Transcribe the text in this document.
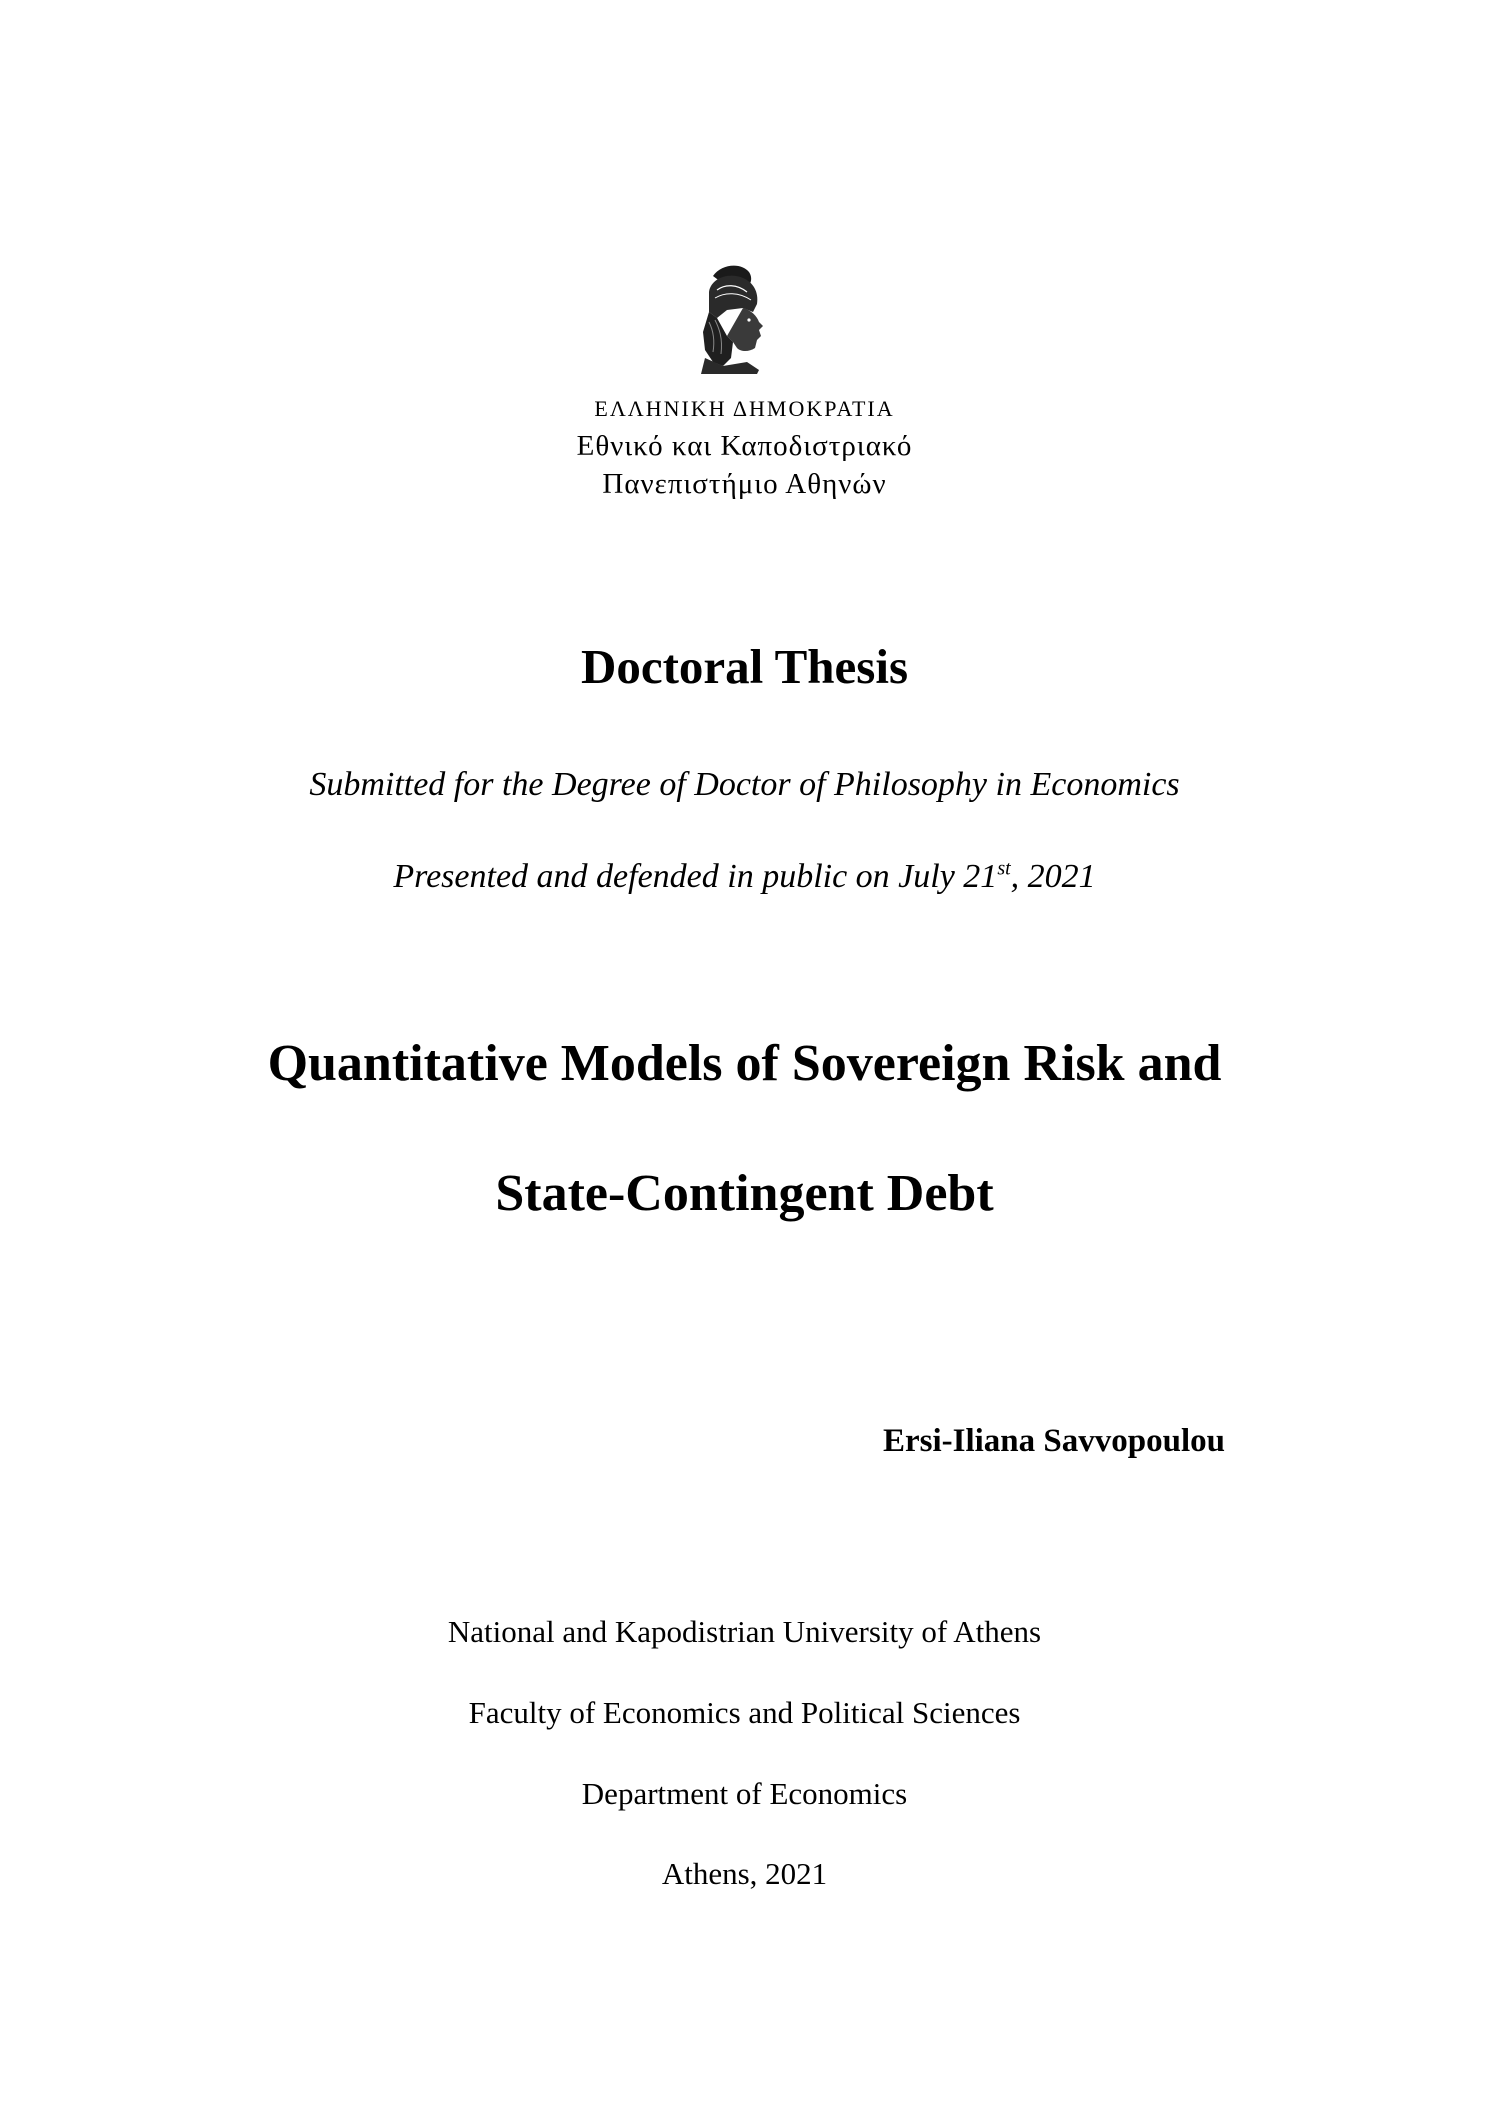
ΕΛΛΗΝΙΚΗ ΔΗΜΟΚΡΑΤΙΑ
Εθνικό και Καποδιστριακό
Πανεπιστήμιο Αθηνών
Doctoral Thesis
Submitted for the Degree of Doctor of Philosophy in Economics
Presented and defended in public on July 21st, 2021
Quantitative Models of Sovereign Risk and
State-Contingent Debt
Ersi-Iliana Savvopoulou
National and Kapodistrian University of Athens
Faculty of Economics and Political Sciences
Department of Economics
Athens, 2021
